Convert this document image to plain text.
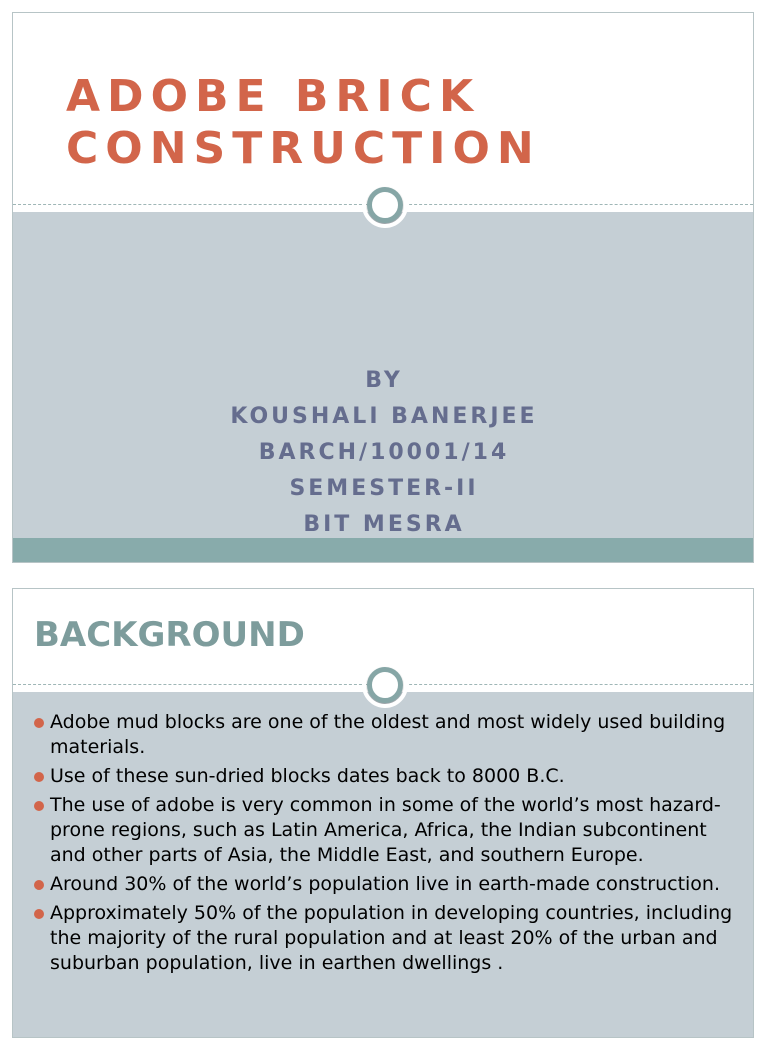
ADOBE BRICK CONSTRUCTION
BY
KOUSHALI BANERJEE
BARCH/10001/14
SEMESTER-II
BIT MESRA
BACKGROUND
Adobe mud blocks are one of the oldest and most widely used building materials.
Use of these sun-dried blocks dates back to 8000 B.C.
The use of adobe is very common in some of the world’s most hazard-prone regions, such as Latin America, Africa, the Indian subcontinent and other parts of Asia, the Middle East, and southern Europe.
Around 30% of the world’s population live in earth-made construction.
Approximately 50% of the population in developing countries, including the majority of the rural population and at least 20% of the urban and suburban population, live in earthen dwellings .
